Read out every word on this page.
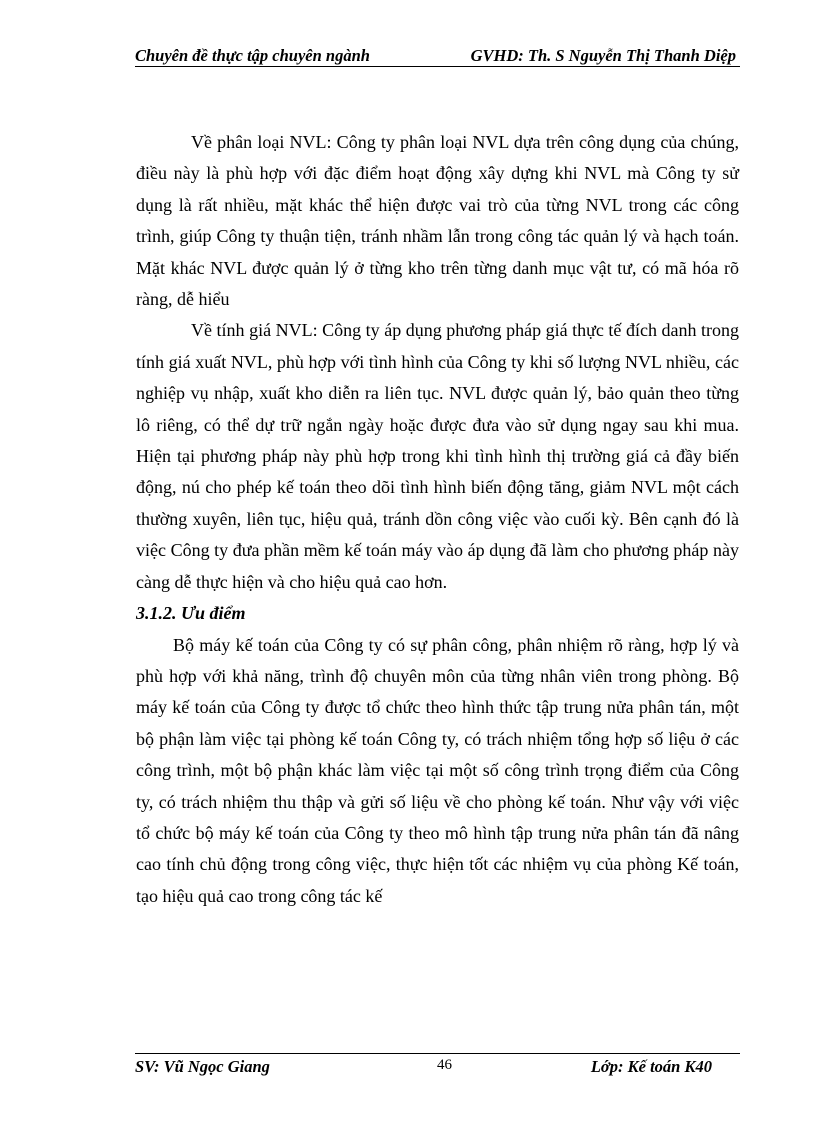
Chuyên đề thực tập chuyên ngành	GVHD: Th. S Nguyễn Thị Thanh Diệp

Về phân loại NVL: Công ty phân loại NVL dựa trên công dụng của chúng, điều này là phù hợp với đặc điểm hoạt động xây dựng khi NVL mà Công ty sử dụng là rất nhiều, mặt khác thể hiện được vai trò của từng NVL trong các công trình, giúp Công ty thuận tiện, tránh nhầm lẫn trong công tác quản lý và hạch toán. Mặt khác NVL được quản lý ở từng kho trên từng danh mục vật tư, có mã hóa rõ ràng, dễ hiểu

Về tính giá NVL: Công ty áp dụng phương pháp giá thực tế đích danh trong tính giá xuất NVL, phù hợp với tình hình của Công ty khi số lượng NVL nhiều, các nghiệp vụ nhập, xuất kho diễn ra liên tục. NVL được quản lý, bảo quản theo từng lô riêng, có thể dự trữ ngắn ngày hoặc được đưa vào sử dụng ngay sau khi mua. Hiện tại phương pháp này phù hợp trong khi tình hình thị trường giá cả đầy biến động, nú cho phép kế toán theo dõi tình hình biến động tăng, giảm NVL một cách thường xuyên, liên tục, hiệu quả, tránh dồn công việc vào cuối kỳ. Bên cạnh đó là việc Công ty đưa phần mềm kế toán máy vào áp dụng đã làm cho phương pháp này càng dễ thực hiện và cho hiệu quả cao hơn.

3.1.2. Ưu điểm

Bộ máy kế toán của Công ty có sự phân công, phân nhiệm rõ ràng, hợp lý và phù hợp với khả năng, trình độ chuyên môn của từng nhân viên trong phòng. Bộ máy kế toán của Công ty được tổ chức theo hình thức tập trung nửa phân tán, một bộ phận làm việc tại phòng kế toán Công ty, có trách nhiệm tổng hợp số liệu ở các công trình, một bộ phận khác làm việc tại một số công trình trọng điểm của Công ty, có trách nhiệm thu thập và gửi số liệu về cho phòng kế toán. Như vậy với việc tổ chức bộ máy kế toán của Công ty theo mô hình tập trung nửa phân tán đã nâng cao tính chủ động trong công việc, thực hiện tốt các nhiệm vụ của phòng Kế toán, tạo hiệu quả cao trong công tác kế

SV: Vũ Ngọc Giang	46	Lớp: Kế toán K40
